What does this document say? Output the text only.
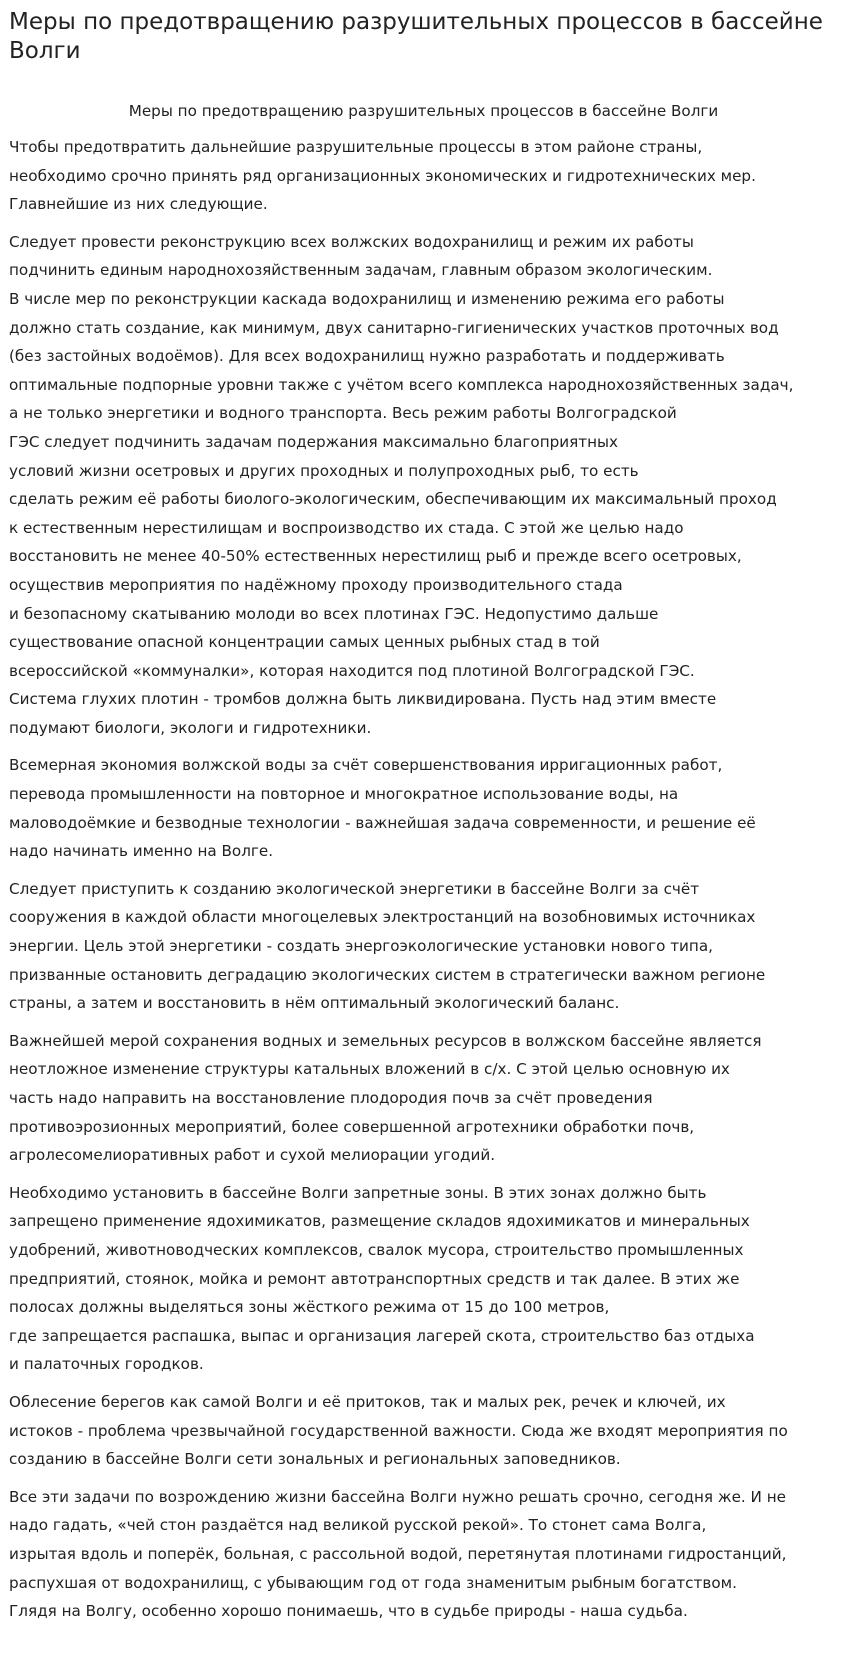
Меры по предотвращению разрушительных процессов в бассейне Волги
Меры по предотвращению разрушительных процессов в бассейне Волги

Чтобы предотвратить дальнейшие разрушительные процессы в этом районе страны,
необходимо срочно принять ряд организационных экономических и гидротехнических мер.
Главнейшие из них следующие.

Следует провести реконструкцию всех волжских водохранилищ и режим их работы
подчинить единым народнохозяйственным задачам, главным образом экологическим.
В числе мер по реконструкции каскада водохранилищ и изменению режима его работы
должно стать создание, как минимум, двух санитарно-гигиенических участков проточных вод
(без застойных водоёмов). Для всех водохранилищ нужно разработать и поддерживать
оптимальные подпорные уровни также с учётом всего комплекса народнохозяйственных задач,
а не только энергетики и водного транспорта. Весь режим работы Волгоградской
ГЭС следует подчинить задачам подержания максимально благоприятных
условий жизни осетровых и других проходных и полупроходных рыб, то есть
сделать режим её работы биолого-экологическим, обеспечивающим их максимальный проход
к естественным нерестилищам и воспроизводство их стада. С этой же целью надо
восстановить не менее 40-50% естественных нерестилищ рыб и прежде всего осетровых,
осуществив мероприятия по надёжному проходу производительного стада
и безопасному скатыванию молоди во всех плотинах ГЭС. Недопустимо дальше
существование опасной концентрации самых ценных рыбных стад в той
всероссийской «коммуналки», которая находится под плотиной Волгоградской ГЭС.
Система глухих плотин - тромбов должна быть ликвидирована. Пусть над этим вместе
подумают биологи, экологи и гидротехники.

Всемерная экономия волжской воды за счёт совершенствования ирригационных работ,
перевода промышленности на повторное и многократное использование воды, на
маловодоёмкие и безводные технологии - важнейшая задача современности, и решение её
надо начинать именно на Волге.

Следует приступить к созданию экологической энергетики в бассейне Волги за счёт
сооружения в каждой области многоцелевых электростанций на возобновимых источниках
энергии. Цель этой энергетики - создать энергоэкологические установки нового типа,
призванные остановить деградацию экологических систем в стратегически важном регионе
страны, а затем и восстановить в нём оптимальный экологический баланс.

Важнейшей мерой сохранения водных и земельных ресурсов в волжском бассейне является
неотложное изменение структуры катальных вложений в с/х. С этой целью основную их
часть надо направить на восстановление плодородия почв за счёт проведения
противоэрозионных мероприятий, более совершенной агротехники обработки почв,
агролесомелиоративных работ и сухой мелиорации угодий.

Необходимо установить в бассейне Волги запретные зоны. В этих зонах должно быть
запрещено применение ядохимикатов, размещение складов ядохимикатов и минеральных
удобрений, животноводческих комплексов, свалок мусора, строительство промышленных
предприятий, стоянок, мойка и ремонт автотранспортных средств и так далее. В этих же
полосах должны выделяться зоны жёсткого режима от 15 до 100 метров,
где запрещается распашка, выпас и организация лагерей скота, строительство баз отдыха
и палаточных городков.

Облесение берегов как самой Волги и её притоков, так и малых рек, речек и ключей, их
истоков - проблема чрезвычайной государственной важности. Сюда же входят мероприятия по
созданию в бассейне Волги сети зональных и региональных заповедников.

Все эти задачи по возрождению жизни бассейна Волги нужно решать срочно, сегодня же. И не
надо гадать, «чей стон раздаётся над великой русской рекой». То стонет сама Волга,
изрытая вдоль и поперёк, больная, с рассольной водой, перетянутая плотинами гидростанций,
распухшая от водохранилищ, с убывающим год от года знаменитым рыбным богатством.
Глядя на Волгу, особенно хорошо понимаешь, что в судьбе природы - наша судьба.
